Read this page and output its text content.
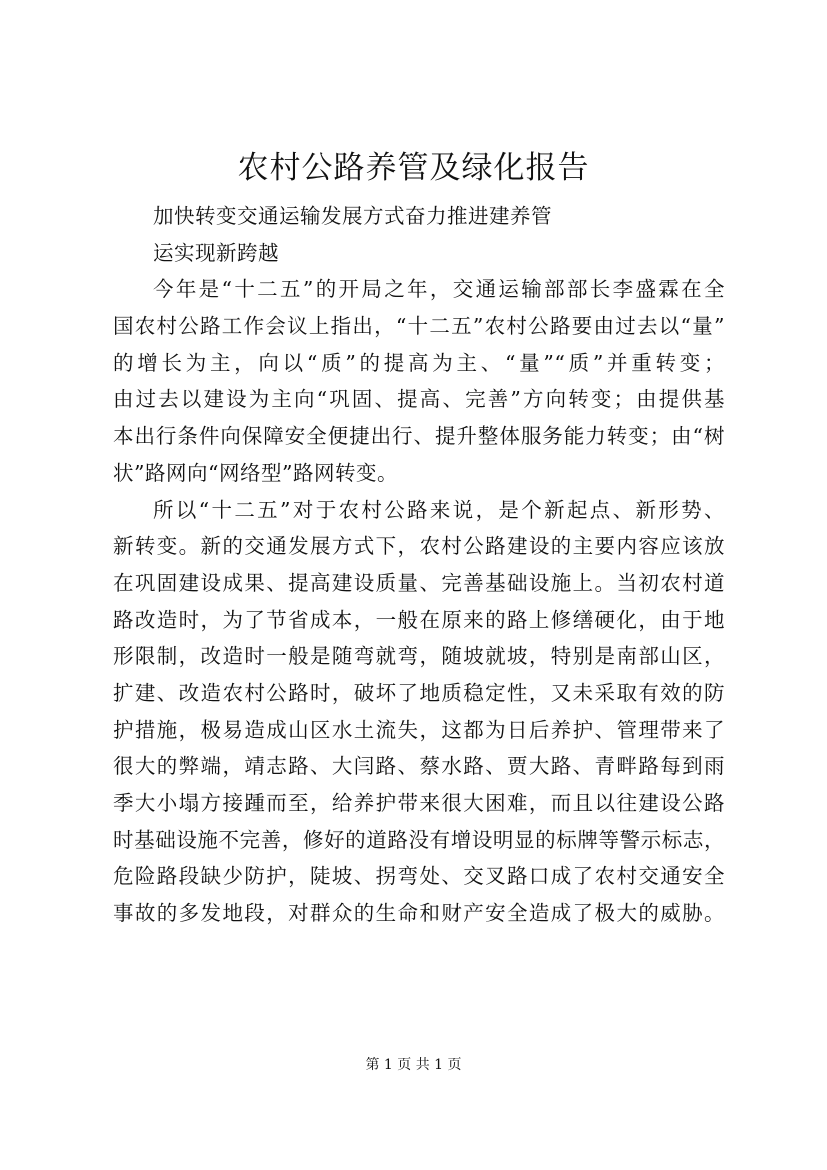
农村公路养管及绿化报告
加快转变交通运输发展方式奋力推进建养管
运实现新跨越
今年是“十二五”的开局之年，交通运输部部长李盛霖在全
国农村公路工作会议上指出，“十二五”农村公路要由过去以“量”
的增长为主，向以“质”的提高为主、“量”“质”并重转变；
由过去以建设为主向“巩固、提高、完善”方向转变；由提供基
本出行条件向保障安全便捷出行、提升整体服务能力转变；由“树
状”路网向“网络型”路网转变。
所以“十二五”对于农村公路来说，是个新起点、新形势、
新转变。新的交通发展方式下，农村公路建设的主要内容应该放
在巩固建设成果、提高建设质量、完善基础设施上。当初农村道
路改造时，为了节省成本，一般在原来的路上修缮硬化，由于地
形限制，改造时一般是随弯就弯，随坡就坡，特别是南部山区，
扩建、改造农村公路时，破坏了地质稳定性，又未采取有效的防
护措施，极易造成山区水土流失，这都为日后养护、管理带来了
很大的弊端，靖志路、大闫路、蔡水路、贾大路、青畔路每到雨
季大小塌方接踵而至，给养护带来很大困难，而且以往建设公路
时基础设施不完善，修好的道路没有增设明显的标牌等警示标志，
危险路段缺少防护，陡坡、拐弯处、交叉路口成了农村交通安全
事故的多发地段，对群众的生命和财产安全造成了极大的威胁。
第 1 页 共 1 页
